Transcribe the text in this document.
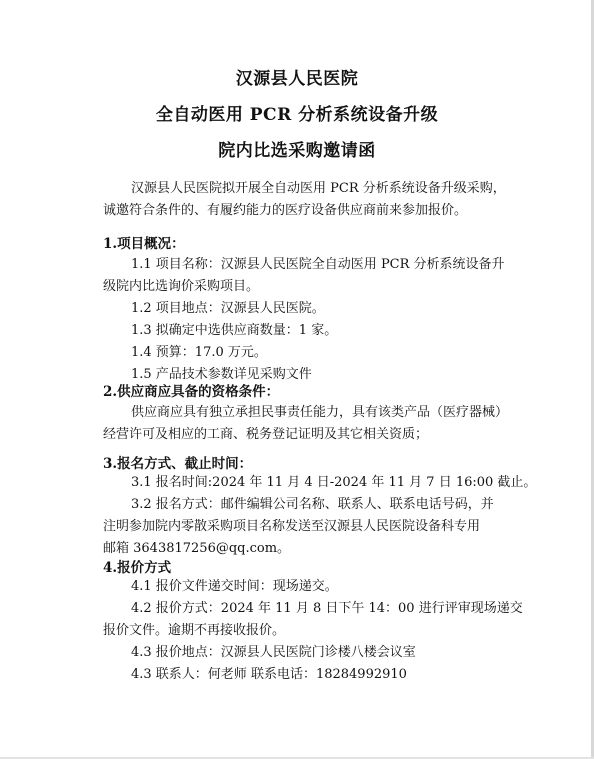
汉源县人民医院
全自动医用 PCR 分析系统设备升级
院内比选采购邀请函
汉源县人民医院拟开展全自动医用 PCR 分析系统设备升级采购，
诚邀符合条件的、有履约能力的医疗设备供应商前来参加报价。
1.项目概况：
1.1 项目名称：汉源县人民医院全自动医用 PCR 分析系统设备升
级院内比选询价采购项目。
1.2 项目地点：汉源县人民医院。
1.3 拟确定中选供应商数量：1 家。
1.4 预算：17.0 万元。
1.5 产品技术参数详见采购文件
2.供应商应具备的资格条件：
供应商应具有独立承担民事责任能力，具有该类产品（医疗器械）
经营许可及相应的工商、税务登记证明及其它相关资质；
3.报名方式、截止时间：
3.1 报名时间:2024 年 11 月 4 日-2024 年 11 月 7 日 16:00 截止。
3.2 报名方式：邮件编辑公司名称、联系人、联系电话号码，并
注明参加院内零散采购项目名称发送至汉源县人民医院设备科专用
邮箱 3643817256@qq.com。
4.报价方式
4.1 报价文件递交时间：现场递交。
4.2 报价方式：2024 年 11 月 8 日下午 14：00 进行评审现场递交
报价文件。逾期不再接收报价。
4.3 报价地点：汉源县人民医院门诊楼八楼会议室
4.3 联系人：何老师 联系电话：18284992910
